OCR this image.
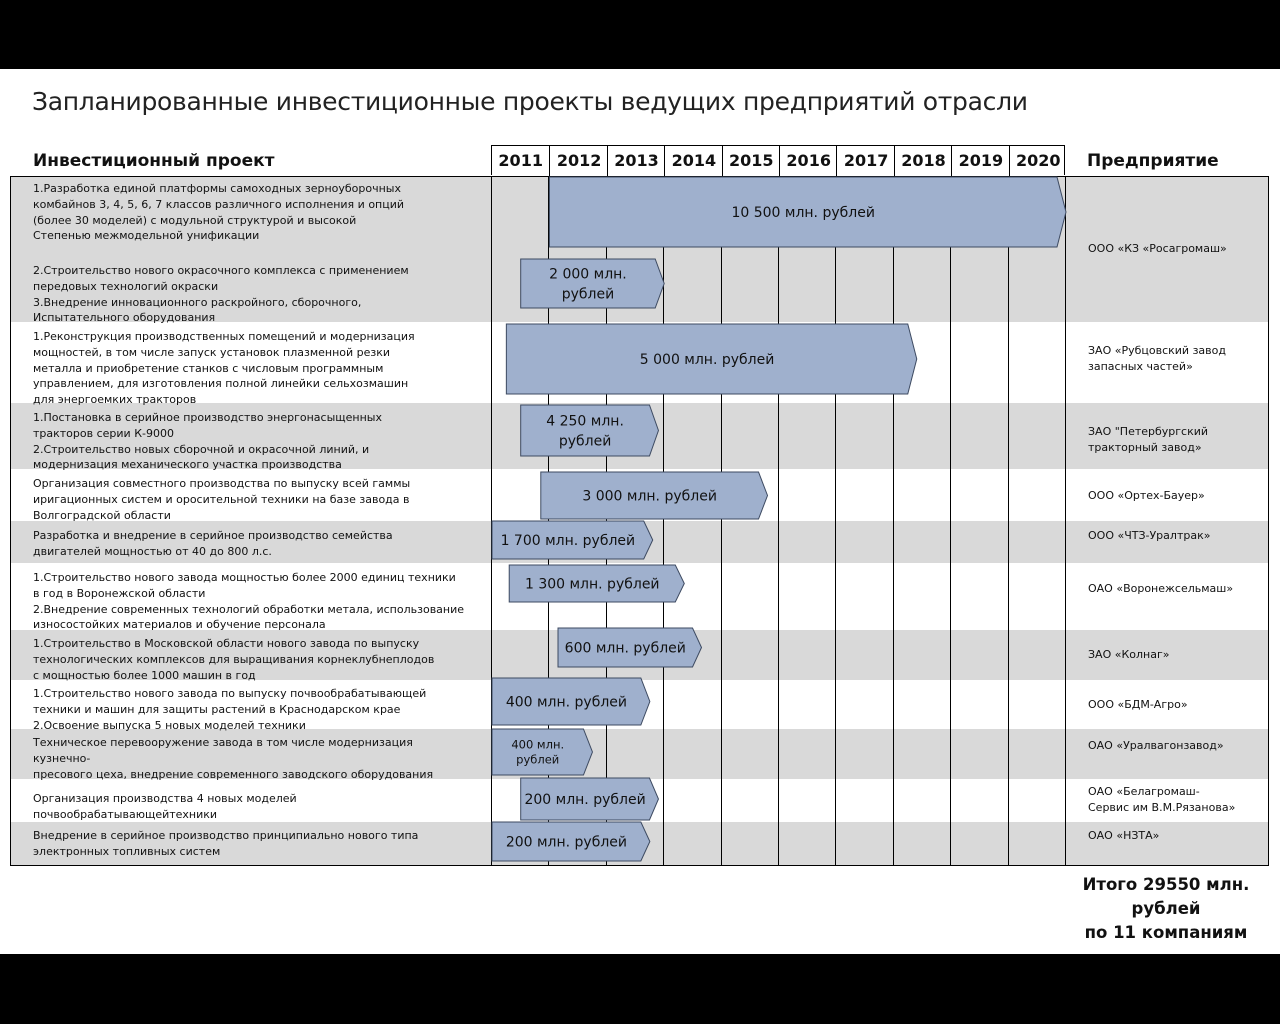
Запланированные инвестиционные проекты ведущих предприятий отрасли
Инвестиционный проект	Предприятие
2011 2012 2013 2014 2015 2016 2017 2018 2019 2020
ООО «КЗ «Росагромаш»
1.Разработка единой платформы самоходных зерноуборочных
комбайнов 3, 4, 5, 6, 7 классов различного исполнения и опций
(более 30 моделей) с модульной структурой и высокой
Степенью межмодельной унификации
2.Строительство нового окрасочного комплекса с применением
передовых технологий окраски
3.Внедрение инновационного раскройного, сборочного,
Испытательного оборудования
ЗАО «Рубцовский завод
запасных частей»
1.Реконструкция производственных помещений и модернизация
мощностей, в том числе запуск установок плазменной резки
металла и приобретение станков с числовым программным
управлением, для изготовления полной линейки сельхозмашин
для энергоемких тракторов
ЗАО "Петербургский
тракторный завод»
1.Постановка в серийное производство энергонасыщенных
тракторов серии К-9000
2.Строительство новых сборочной и окрасочной линий, и
модернизация механического участка производства
ООО «Ортех-Бауер»
Организация совместного производства по выпуску всей гаммы
иригационных систем и оросительной техники на базе завода в
Волгоградской области
ООО «ЧТЗ-Уралтрак»
Разработка и внедрение в серийное производство семейства
двигателей мощностью от 40 до 800 л.с.
ОАО «Воронежсельмаш»
1.Строительство нового завода мощностью более 2000 единиц техники
в год в Воронежской области
2.Внедрение современных технологий обработки метала, использование
износостойких материалов и обучение персонала
ЗАО «Колнаг»
1.Строительство в Московской области нового завода по выпуску
технологических комплексов для выращивания корнеклубнеплодов
с мощностью более 1000 машин в год
ООО «БДМ-Агро»
1.Строительство нового завода по выпуску почвообрабатывающей
техники и машин для защиты растений в Краснодарском крае
2.Освоение выпуска 5 новых моделей техники
ОАО «Уралвагонзавод»
Техническое перевооружение завода в том числе модернизация кузнечно-
пресового цеха, внедрение современного заводского оборудования
ОАО «Белагромаш-
Сервис им В.М.Рязанова»
Организация производства 4 новых моделей почвообрабатывающейтехники
ОАО «НЗТА»
Внедрение в серийное производство принципиально нового типа
электронных топливных систем
10 500 млн. рублей
2 000 млн. рублей
5 000 млн. рублей
4 250 млн. рублей
3 000 млн. рублей
1 700 млн. рублей
1 300 млн. рублей
600 млн. рублей
400 млн. рублей
400 млн. рублей
200 млн. рублей
200 млн. рублей
Итого 29550 млн.
рублей
по 11 компаниям
